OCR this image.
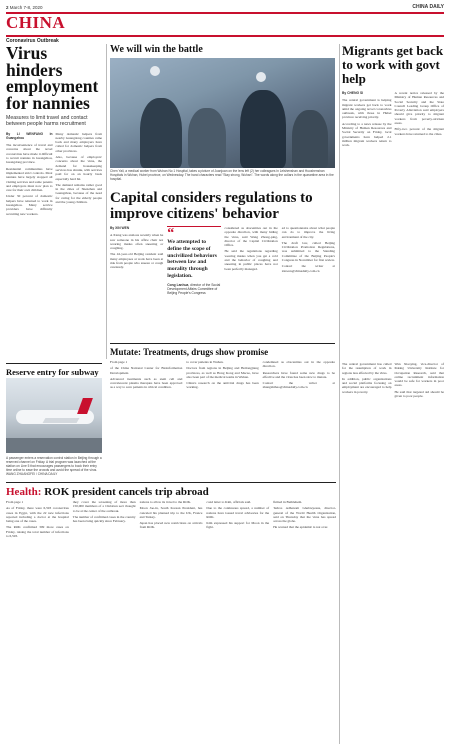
2 March 7-8, 2020	CHINA DAILY
CHINA
Coronavirus Outbreak
Virus hinders employment for nannies
Measures to limit travel and contact between people harms recruitment
By LI WENFANG in Guangzhou

The inconvenience of travel and concerns about the novel coronavirus have made it difficult to recruit nannies in Guangzhou, Guangdong province.

Residential communities have implemented strict controls. Most nannies have largely stopped all visiting services and some parents and employers must now plan to care for their own children.

Under 30 percent of domestic helpers have returned to work in Guangzhou. Many service providers have difficulty recruiting new workers.

Many domestic helpers from nearby Guangdong counties came back and many employers have called for domestic helpers from other provinces.

Also, because of employers' concerns about the virus, the demand for housekeeping services has shrunk, with services paid for on an hourly basis especially hard hit.

The demand remains rather good in the cities of Shenzhen and Guangzhou, because of the need for caring for the elderly people and the young children.

We will win the battle
Chen Yali, a medical worker from Wuhan No 1 Hospital, takes a picture of Juanjuan on the lens left (2) her colleagues in Leishenshan and Huoshenshan Hospitals in Wuhan, Hubei province, on Wednesday. The hand characters read "Stay strong, Wuhan". The words along the collars in the quarantine area in the hospital.
Capital considers regulations to improve citizens' behavior
By XIN WEN

A Xiang was anxious recently when he saw someone in his office chair not wearing masks often sneezing or coughing.

The 42-year-old Beijing resident said many employees at work have been at risk from people who sneeze or cough carelessly.

“
We attempted to define the scope of uncivilized behaviors between law and morality through legislation.
Cong Lanhua, director of the Social Development Affairs Committee of Beijing People's Congress

considered as obscenities out in the opposite direction, with many hiding the virus, said Wang Zhong-ping, director of the Capital Civilization Office.

He said the regulations regarding wearing masks when you get a cold and the behavior of coughing and sneezing in public places have not been perfectly managed.

ed to questionnaire about what people can do to improve the living environment of the city.

The draft law, called Beijing Civilization Promotion Regulations, was submitted to the Standing Committee of the Beijing People's Congress in November for first review.

Contact the writer at xinwen@chinadaily.com.cn

Migrants get back to work with govt help
By CHENG SI

The central government is helping migrant workers get back to work amid the ongoing novel coronavirus outbreak, with those in Hubei province receiving priority.

According to a news release by the Ministry of Human Resources and Social Security on Friday, local governments have helped 2.1 million migrant workers return to work.

A recent notice released by the Ministry of Human Resources and Social Security and the State Council Leading Group Office of Poverty Alleviation said employers should give priority to migrant workers from poverty-stricken areas.

Fifty-two percent of the migrant workers have returned to the cities.

The central government has called for the resumption of work in regions less affected by the virus.

In addition, public organizations and social platforms focusing on employment are encouraged to help workers in poverty.

Wan Xiaoying, vice-director of Peking University Institute for Occupation Research, said that online recruitment information would be safe for workers in poor areas.

He said that targeted aid should be given to poor people.

Mutate: Treatments, drugs show promise

From page 1

of the China National Center for Bioinformation Development.

Advanced treatments such as stem cell and convalescent plasma therapies have been approved as a way to save patients in critical condition.

to cover patients in Wuhan.

Doctors from regions in Beijing and Heilongjiang provinces, as well as Hong Kong and Macao, have also been part of the medical teams in Wuhan.

China's research on the antiviral drugs has been working.

condemned as obscenities out in the opposite direction.

Researchers have found some new drugs to be effective and the virus has been slow to mutate.

Contact the writer at zhangzhihao@chinadaily.com.cn

Reserve entry for subway
A passenger enters a reservation control station in Beijing through a reserved channel on Friday. A trial program was launched at the station on Line 5 that encourages passengers to book their entry time online to ease the crowds and avoid the spread of the virus. WANG ZHUANGFEI / CHINA DAILY
Health: ROK president cancels trip abroad

From page 1

As of Friday, there were 6,593 coronavirus cases in Egypt, with the 22 new infections reported including a doctor at the hospital being one of the cases.

The ROK confirmed 309 more cases on Friday, raising the total number of infections to 6,593.

they cover the screening of more than 150,000 members of a Christian sect thought to be at the center of the outbreak.

The number of confirmed cases in the country has been rising quickly since February.

zations to allow its travel to the ROK.

Moon Jae-in, South Korean President, has canceled his planned trip to the UK, France and Turkey.

Japan has placed new restrictions on arrivals from ROK.

cond letter to Kim, officials said.

Due to the continuous spread, a number of nations have issued travel advisories for the ROK.

Kim expressed his support for Moon in the fight.

firmed in Bethlehem.

Tedros Adhanom Ghebreyesus, director-general of the World Health Organization, said on Thursday that the virus has spread across the globe.

He warned that the epidemic is not over.
